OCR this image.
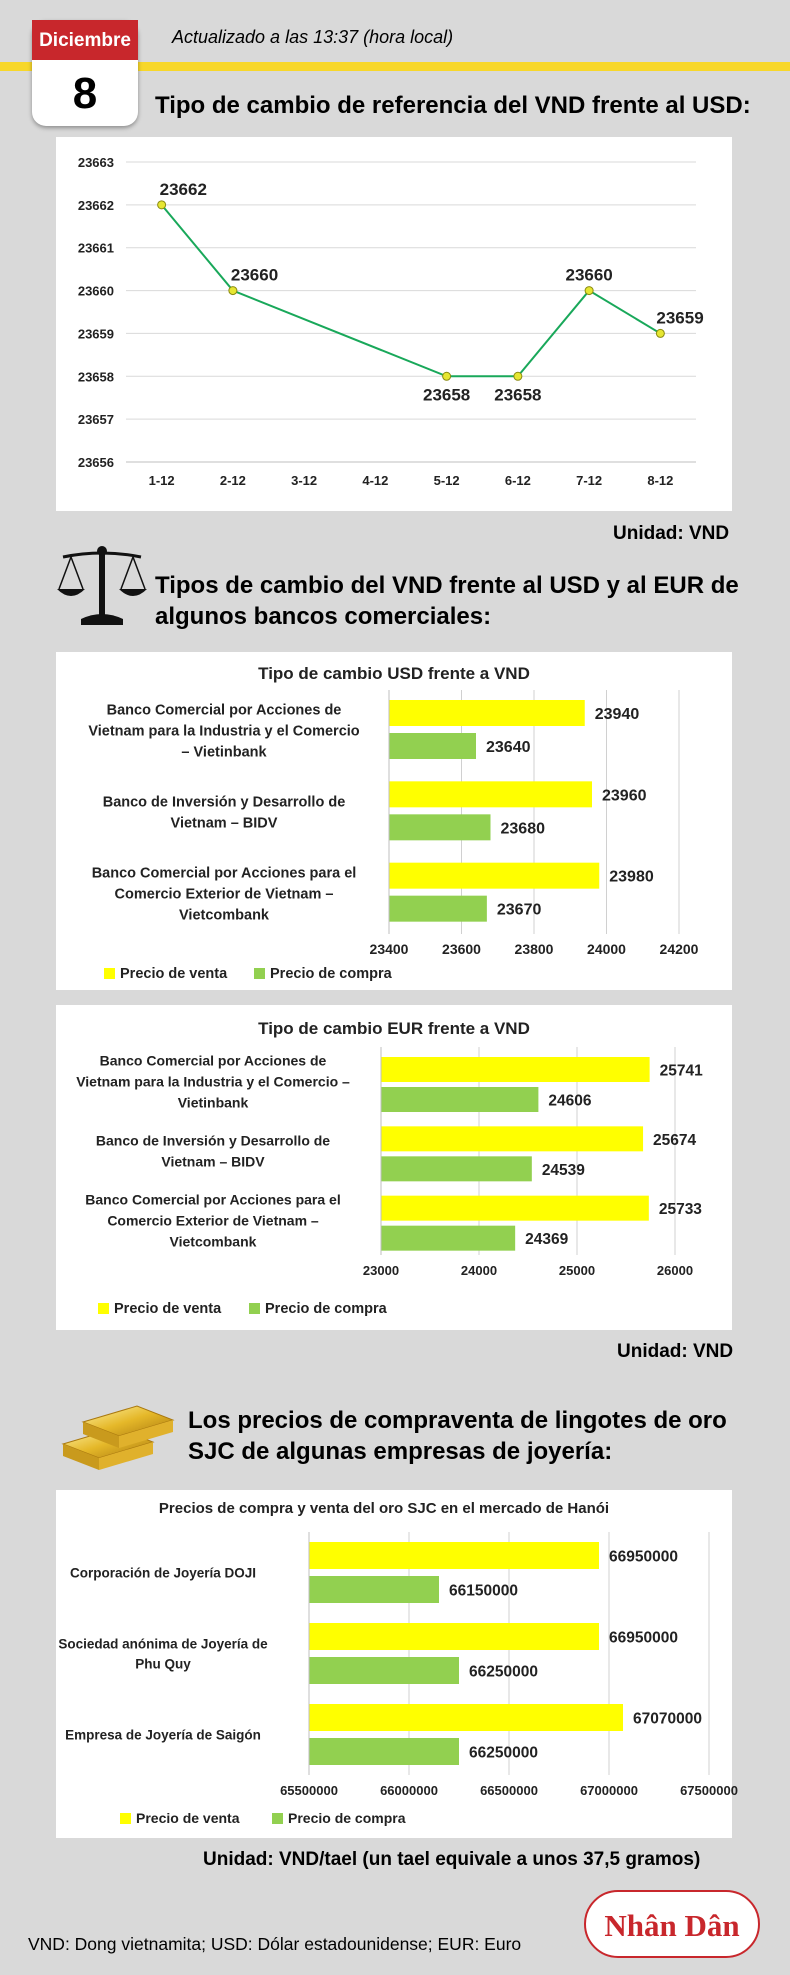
Diciembre
8
Actualizado a las 13:37 (hora local)
Tipo de cambio de referencia del VND frente al USD:
23656
23657
23658
23659
23660
23661
23662
23663
1-12	2-12	3-12	4-12	5-12	6-12	7-12	8-12
23662
23660
23658 23658
23660
23659
Unidad: VND
Tipos de cambio del VND frente al USD y al EUR de
algunos bancos comerciales:
Tipo de cambio USD frente a VND
23400 23600 23800 24000 24200
Banco Comercial por Acciones de
Vietnam para la Industria y el Comercio
– Vietinbank
23940
23640
Banco de Inversión y Desarrollo de
Vietnam – BIDV
23960
23680
Banco Comercial por Acciones para el
Comercio Exterior de Vietnam –
Vietcombank
23980
23670
Precio de venta	Precio de compra
Tipo de cambio EUR frente a VND
23000	24000	25000	26000
Banco Comercial por Acciones de
Vietnam para la Industria y el Comercio –
Vietinbank
25741
24606
Banco de Inversión y Desarrollo de
Vietnam – BIDV
25674
24539
Banco Comercial por Acciones para el
Comercio Exterior de Vietnam –
Vietcombank
25733
24369
Precio de venta	Precio de compra
Unidad: VND
Los precios de compraventa de lingotes de oro
SJC de algunas empresas de joyería:
Precios de compra y venta del oro SJC en el mercado de Hanói
65500000	66000000	66500000	67000000	67500000
Corporación de Joyería DOJI
66950000
66150000
Sociedad anónima de Joyería de
Phu Quy
66950000
66250000
Empresa de Joyería de Saigón
67070000
66250000
Precio de venta	Precio de compra
Unidad: VND/tael (un tael equivale a unos 37,5 gramos)
VND: Dong vietnamita; USD: Dólar estadounidense; EUR: Euro
Nhân Dân
